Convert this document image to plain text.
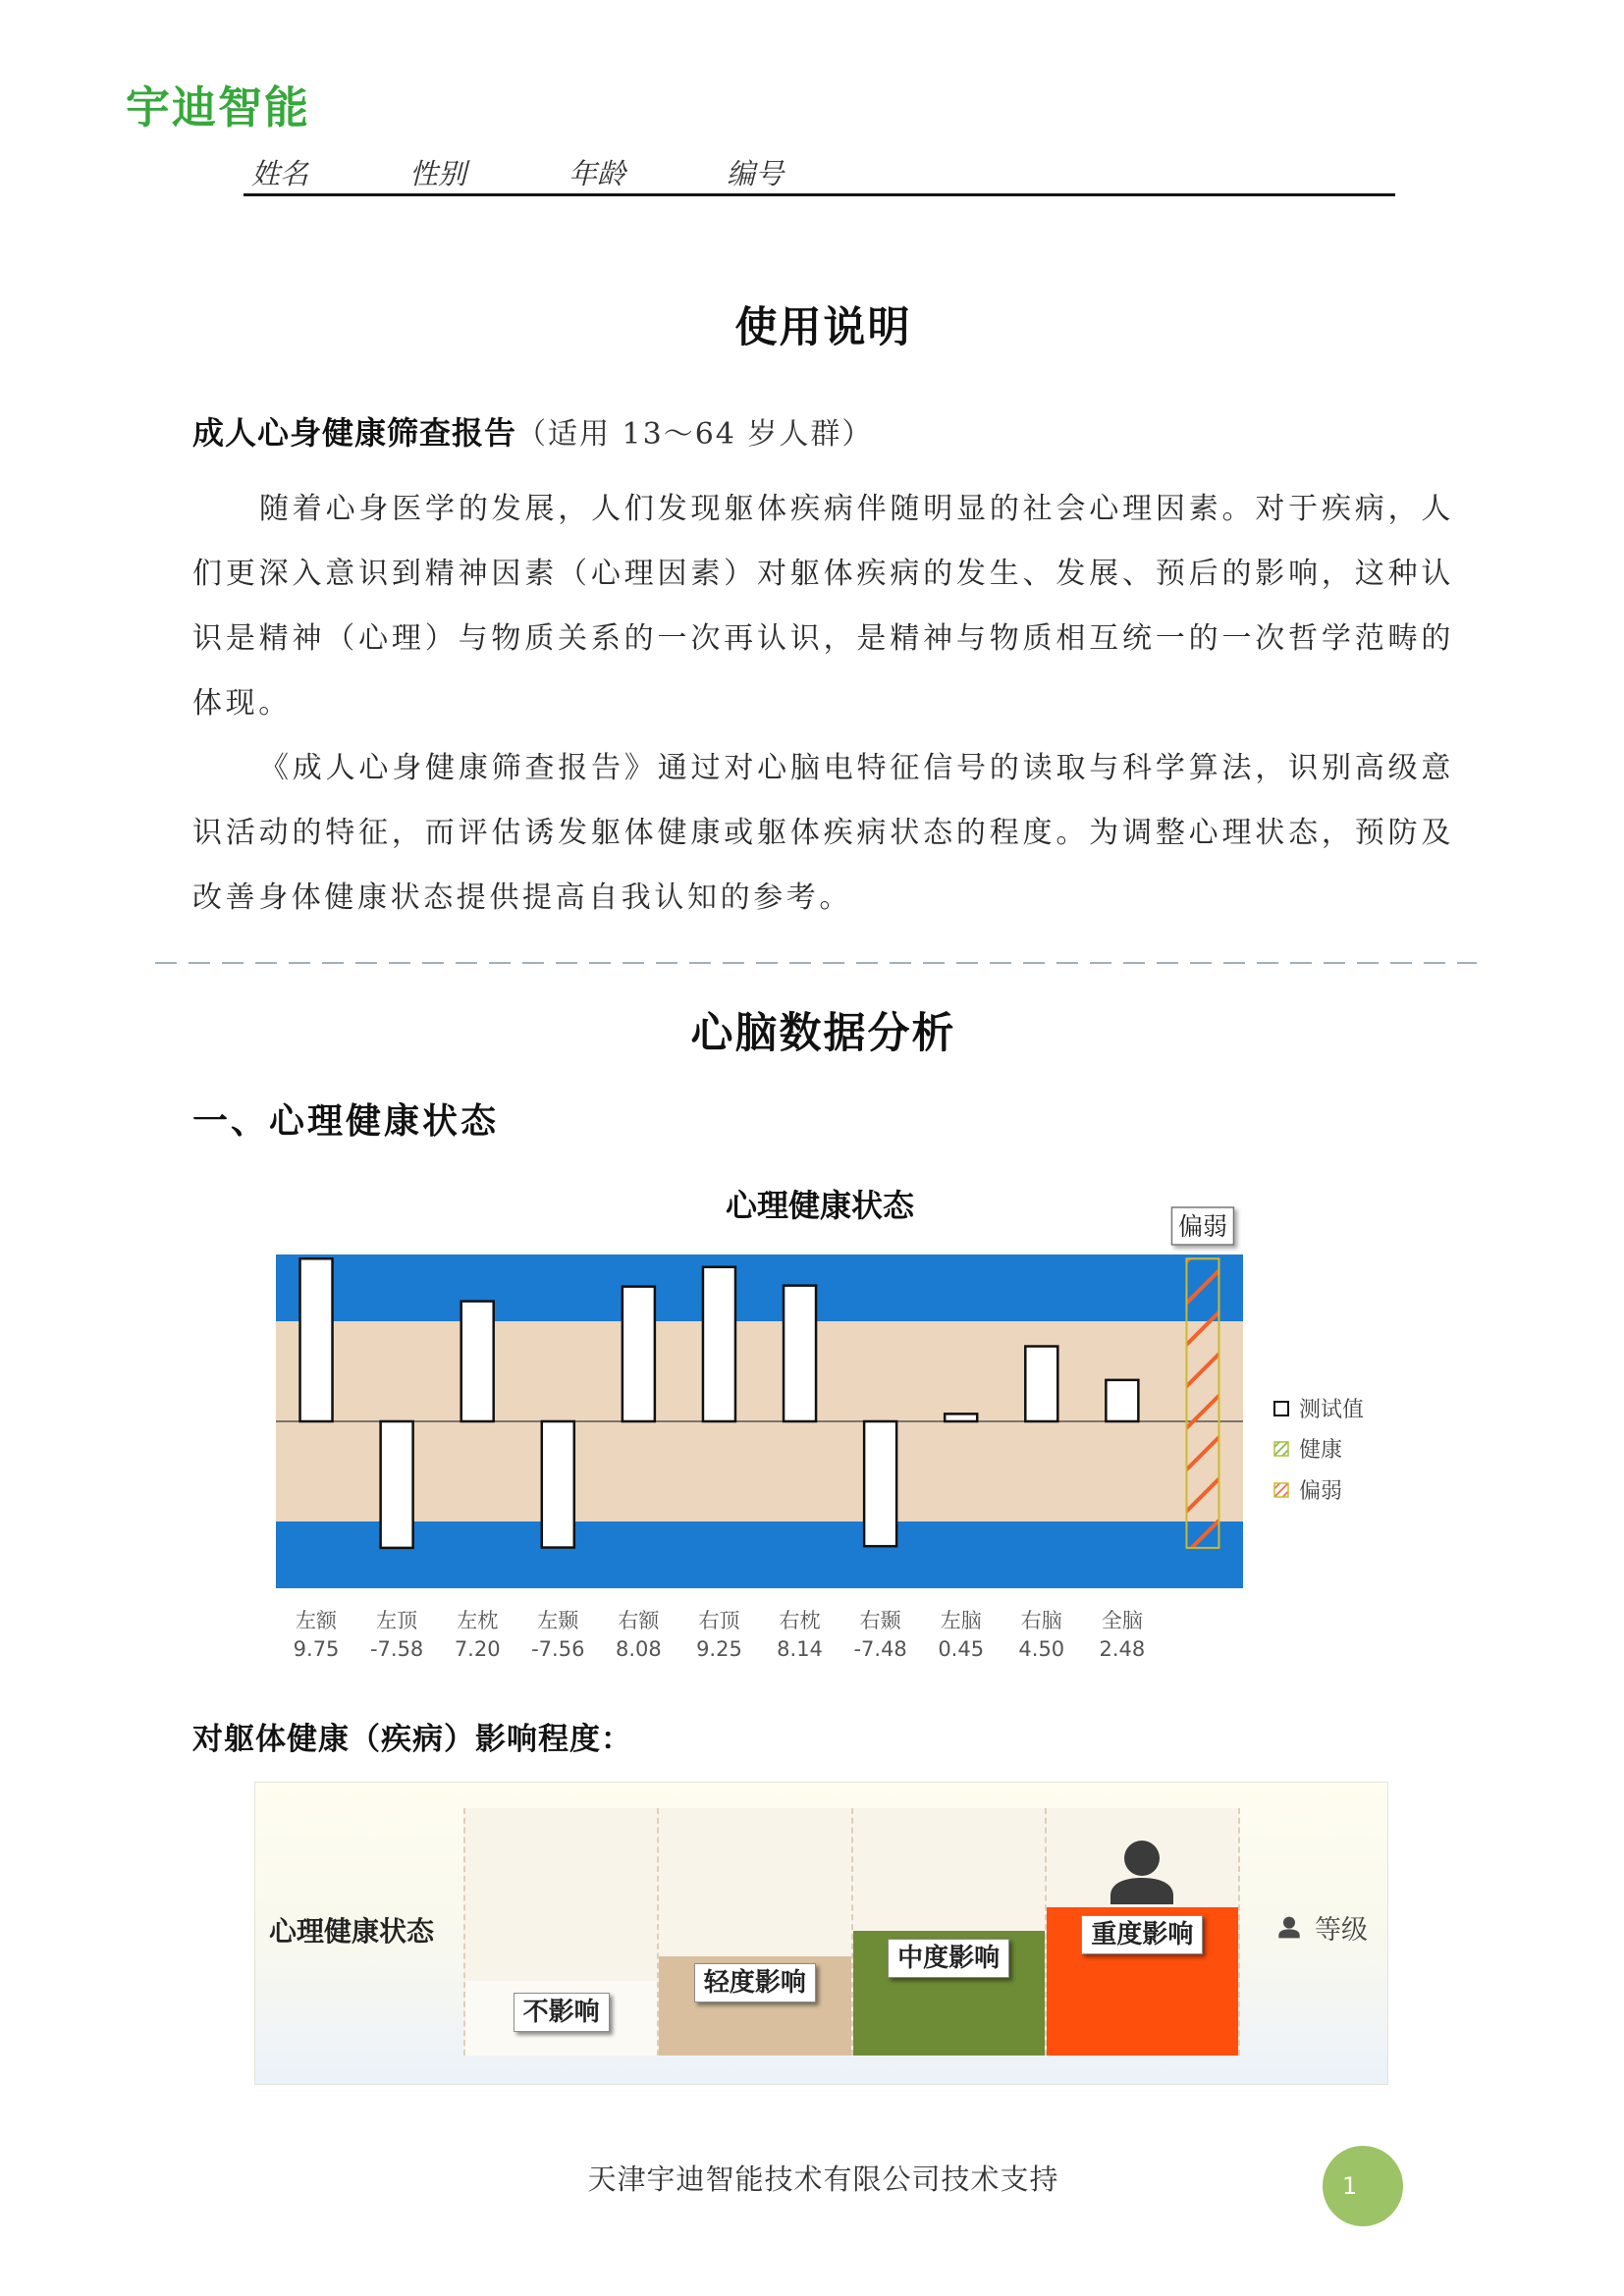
宇迪智能
姓名	性别	年龄	编号
使用说明
成人心身健康筛查报告（适用 13～64 岁人群）

随着心身医学的发展，人们发现躯体疾病伴随明显的社会心理因素。对于疾病，人们更深入意识到精神因素（心理因素）对躯体疾病的发生、发展、预后的影响，这种认识是精神（心理）与物质关系的一次再认识，是精神与物质相互统一的一次哲学范畴的体现。

《成人心身健康筛查报告》通过对心脑电特征信号的读取与科学算法，识别高级意识活动的特征，而评估诱发躯体健康或躯体疾病状态的程度。为调整心理状态，预防及改善身体健康状态提供提高自我认知的参考。

心脑数据分析
一、心理健康状态
心理健康状态
左额
9.75
左顶
-7.58
左枕
7.20
左颞
-7.56
右额
8.08
右顶
9.25
右枕
8.14
右颞
-7.48
左脑
0.45
右脑
4.50
全脑
2.48
偏弱
测试值
健康
偏弱
对躯体健康（疾病）影响程度：
心理健康状态
不影响
轻度影响
中度影响
重度影响	等级
天津宇迪智能技术有限公司技术支持	1
